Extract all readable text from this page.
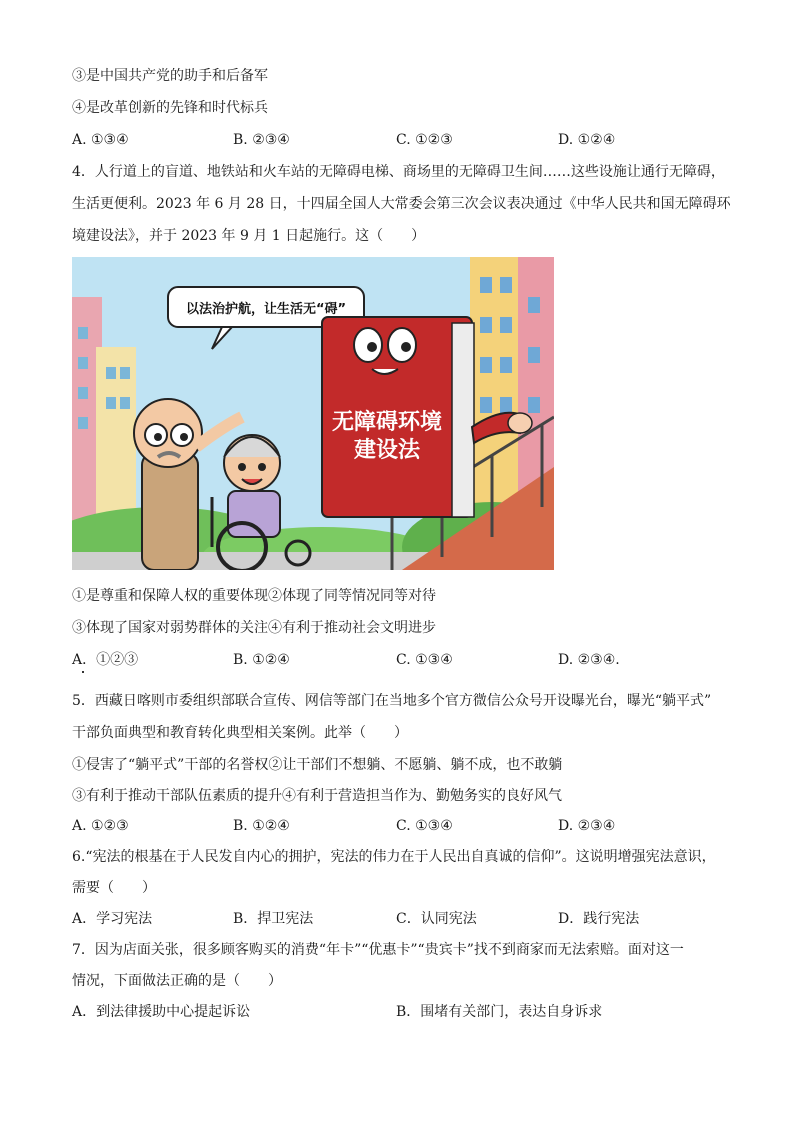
③是中国共产党的助手和后备军
④是改革创新的先锋和时代标兵
A. ①③④	B. ②③④	C. ①②③	D. ①②④
4．人行道上的盲道、地铁站和火车站的无障碍电梯、商场里的无障碍卫生间……这些设施让通行无障碍，
生活更便利。2023 年 6 月 28 日，十四届全国人大常委会第三次会议表决通过《中华人民共和国无障碍环
境建设法》，并于 2023 年 9 月 1 日起施行。这（　　）
以法治护航，让生活无“碍”
无障碍环境
建设法
①是尊重和保障人权的重要体现②体现了同等情况同等对待
③体现了国家对弱势群体的关注④有利于推动社会文明进步
A．①②③	B. ①②④	C. ①③④	D. ②③④.
5．西藏日喀则市委组织部联合宣传、网信等部门在当地多个官方微信公众号开设曝光台，曝光“躺平式”
干部负面典型和教育转化典型相关案例。此举（　　）
①侵害了“躺平式”干部的名誉权②让干部们不想躺、不愿躺、躺不成，也不敢躺
③有利于推动干部队伍素质的提升④有利于营造担当作为、勤勉务实的良好风气
A. ①②③	B. ①②④	C. ①③④	D. ②③④
6.“宪法的根基在于人民发自内心的拥护，宪法的伟力在于人民出自真诚的信仰”。这说明增强宪法意识，
需要（　　）
A．学习宪法	B．捍卫宪法	C．认同宪法	D．践行宪法
7．因为店面关张，很多顾客购买的消费“年卡”“优惠卡”“贵宾卡”找不到商家而无法索赔。面对这一
情况，下面做法正确的是（　　）
A．到法律援助中心提起诉讼	B．围堵有关部门，表达自身诉求
